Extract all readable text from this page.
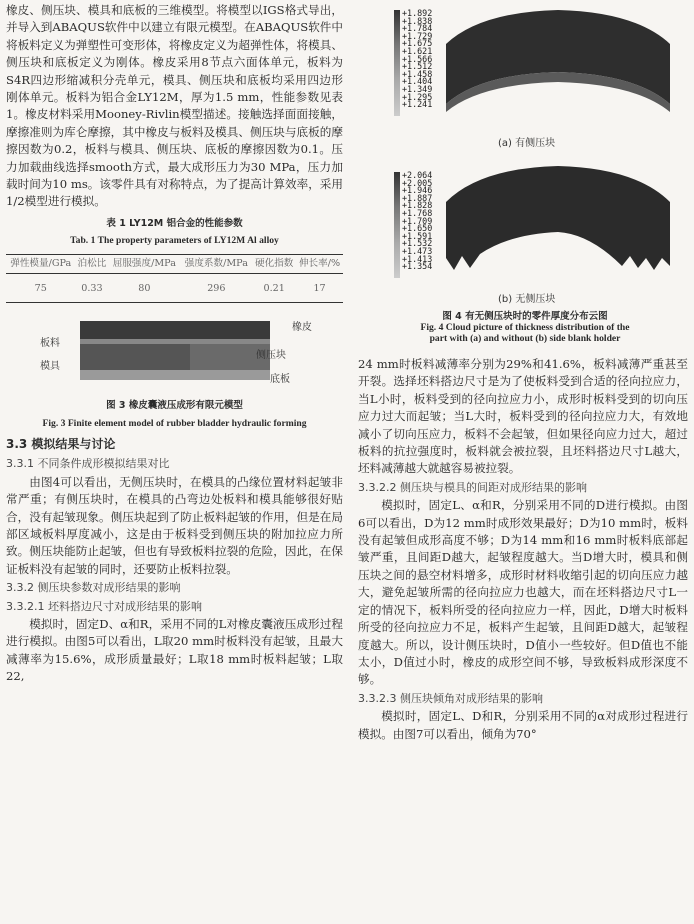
橡皮、侧压块、模具和底板的三维模型。将模型以IGS格式导出，并导入到ABAQUS软件中以建立有限元模型。在ABAQUS软件中将板料定义为弹塑性可变形体，将橡皮定义为超弹性体，将模具、侧压块和底板定义为刚体。橡皮采用8节点六面体单元，板料为S4R四边形缩减积分壳单元，模具、侧压块和底板均采用四边形刚体单元。板料为铝合金LY12M，厚为1.5 mm，性能参数见表1。橡皮材料采用Mooney-Rivlin模型描述。接触选择面面接触，摩擦准则为库仑摩擦，其中橡皮与板料及模具、侧压块与底板的摩擦因数为0.2，板料与模具、侧压块、底板的摩擦因数为0.1。压力加载曲线选择smooth方式，最大成形压力为30 MPa，压力加载时间为10 ms。该零件具有对称特点，为了提高计算效率，采用1/2模型进行模拟。

表 1 LY12M 铝合金的性能参数
Tab. 1 The property parameters of LY12M Al alloy
弹性模量/GPa	泊松比	屈服强度/MPa	强度系数/MPa	硬化指数	伸长率/%
75	0.33	80	296	0.21	17
橡皮
板料
侧压块
模具
底板
图 3 橡皮囊液压成形有限元模型
Fig. 3 Finite element model of rubber bladder hydraulic forming
3.3 模拟结果与讨论
3.3.1 不同条件成形模拟结果对比

由图4可以看出，无侧压块时，在模具的凸缘位置材料起皱非常严重；有侧压块时，在模具的凸弯边处板料和模具能够很好贴合，没有起皱现象。侧压块起到了防止板料起皱的作用，但是在局部区域板料厚度减小，这是由于板料受到侧压块的附加拉应力所致。侧压块能防止起皱，但也有导致板料拉裂的危险，因此，在保证板料没有起皱的同时，还要防止板料拉裂。

3.3.2 侧压块参数对成形结果的影响
3.3.2.1 坯料搭边尺寸对成形结果的影响

模拟时，固定D、α和R，采用不同的L对橡皮囊液压成形过程进行模拟。由图5可以看出，L取20 mm时板料没有起皱，且最大减薄率为15.6%，成形质量最好；L取18 mm时板料起皱；L取22,

+1.892
+1.838
+1.784
+1.729
+1.675
+1.621
+1.566
+1.512
+1.458
+1.404
+1.349
+1.295
+1.241
(a) 有侧压块
+2.064
+2.005
+1.946
+1.887
+1.828
+1.768
+1.709
+1.650
+1.591
+1.532
+1.473
+1.413
+1.354
(b) 无侧压块
图 4 有无侧压块时的零件厚度分布云图
Fig. 4 Cloud picture of thickness distribution of the
part with (a) and without (b) side blank holder

24 mm时板料减薄率分别为29%和41.6%，板料减薄严重甚至开裂。选择坯料搭边尺寸是为了使板料受到合适的径向拉应力，当L小时，板料受到的径向拉应力小，成形时板料受到的切向压应力过大而起皱；当L大时，板料受到的径向拉应力大，有效地减小了切向压应力，板料不会起皱，但如果径向应力过大，超过板料的抗拉强度时，板料就会被拉裂，且坯料搭边尺寸L越大，坯料减薄越大就越容易被拉裂。

3.3.2.2 侧压块与模具的间距对成形结果的影响

模拟时，固定L、α和R，分别采用不同的D进行模拟。由图6可以看出，D为12 mm时成形效果最好；D为10 mm时，板料没有起皱但成形高度不够；D为14 mm和16 mm时板料底部起皱严重，且间距D越大，起皱程度越大。当D增大时，模具和侧压块之间的悬空材料增多，成形时材料收缩引起的切向压应力越大，避免起皱所需的径向拉应力也越大，而在坯料搭边尺寸L一定的情况下，板料所受的径向拉应力一样，因此，D增大时板料所受的径向拉应力不足，板料产生起皱，且间距D越大，起皱程度越大。所以，设计侧压块时，D值小一些较好。但D值也不能太小，D值过小时，橡皮的成形空间不够，导致板料成形深度不够。

3.3.2.3 侧压块倾角对成形结果的影响

模拟时，固定L、D和R，分别采用不同的α对成形过程进行模拟。由图7可以看出，倾角为70°
